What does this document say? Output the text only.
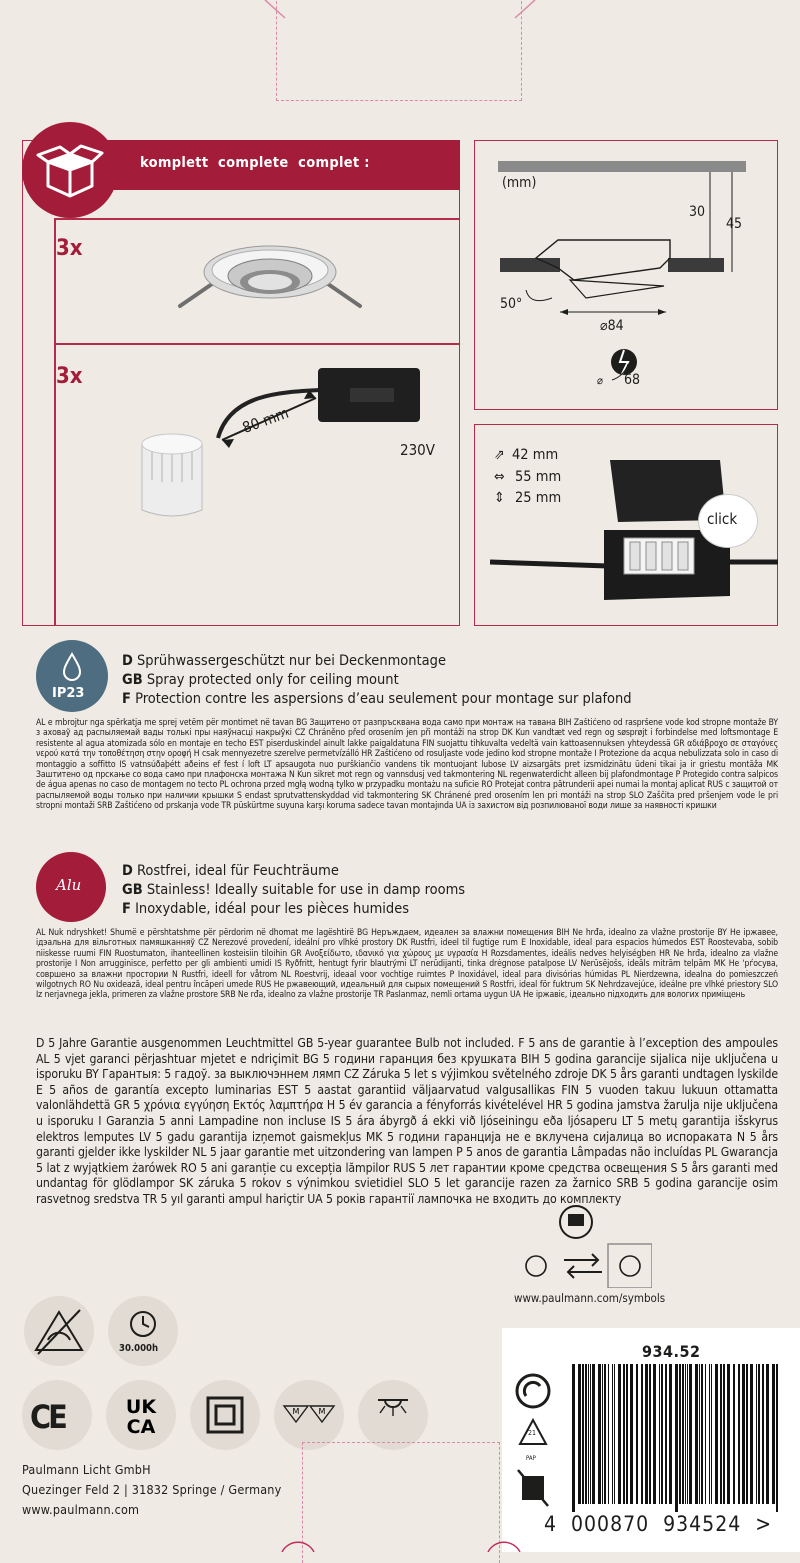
komplett  complete  complet :
3x
3x
80 mm
230V
(mm)
30
45
50°
⌀84
⌀ 68
⇗
⇔
⇕
42 mm
55 mm
25 mm
click
IP23
D Sprühwassergeschützt nur bei Deckenmontage
GB Spray protected only for ceiling mount
F Protection contre les aspersions d’eau seulement pour montage sur plafond
AL e mbrojtur nga spërkatja me sprej vetëm për montimet në tavan BG Защитено от разпръсквана вода само при монтаж на тавана BIH Zaštićeno od raspršene vode kod stropne montaže BY з аховаў ад распыляемай вады толькі пры наяўнасці накрыўкі CZ Chráněno před orosením jen při montáži na strop DK Kun vandtæt ved regn og søsprøjt i forbindelse med loftsmontage E resistente al agua atomizada sólo en montaje en techo EST piserduskindel ainult lakke paigaldatuna FIN suojattu tihkuvalta vedeltä vain kattoasennuksen yhteydessä GR αδιάβροχο σε σταγόνες νερού κατά την τοποθέτηση στην οροφή H csak mennyezetre szerelve permetvízálló HR Zaštićeno od rosuljaste vode jedino kod stropne montaže I Protezione da acqua nebulizzata solo in caso di montaggio a soffitto IS vatnsúðaþétt aðeins ef fest í loft LT apsaugota nuo purškiančio vandens tik montuojant lubose LV aizsargāts pret izsmidzinātu ūdeni tikai ja ir griestu montāža MK Заштитено од прскање со вода само при плафонска монтажа N Kun sikret mot regn og vannsdusj ved takmontering NL regenwaterdicht alleen bij plafondmontage P Protegido contra salpicos de água apenas no caso de montagem no tecto PL ochrona przed mgłą wodną tylko w przypadku montażu na suficie RO Protejat contra pătrunderii apei numai la montaj aplicat RUS с защитой от распыляемой воды только при наличии крышки S endast sprutvattenskyddad vid takmontering SK Chránené pred orosením len pri montáži na strop SLO Zaščita pred pršenjem vode le pri stropni montaži SRB Zaštićeno od prskanja vode TR püskürtme suyuna karşı koruma sadece tavan montajında UA із захистом від розпилюваної води лише за наявності кришки
Alu
D Rostfrei, ideal für Feuchträume
GB Stainless! Ideally suitable for use in damp rooms
F Inoxydable, idéal pour les pièces humides
AL Nuk ndryshket! Shumë e përshtatshme për përdorim në dhomat me lagështirë BG Неръждаем, идеален за влажни помещения BIH Ne hrđa, idealno za vlažne prostorije BY Не іржавее, ідэальна для вільготных памяшканняў CZ Nerezové provedení, ideální pro vlhké prostory DK Rustfri, ideel til fugtige rum E Inoxidable, ideal para espacios húmedos EST Roostevaba, sobib niiskesse ruumi FIN Ruostumaton, ihanteellinen kosteisiin tiloihin GR Ανοξείδωτο, ιδανικό για χώρους με υγρασία H Rozsdamentes, ideális nedves helyiségben HR Ne hrđa, idealno za vlažne prostorije I Non arrugginisce, perfetto per gli ambienti umidi IS Ryðfritt, hentugt fyrir blautrými LT nerūdijanti, tinka drėgnose patalpose LV Nerūsējošs, ideāls mitrām telpām MK Не 'рѓосува, совршено за влажни простории N Rustfri, ideell for våtrom NL Roestvrij, ideaal voor vochtige ruimtes P Inoxidável, ideal para divisórias húmidas PL Nierdzewna, idealna do pomieszczeń wilgotnych RO Nu oxidează, ideal pentru încăperi umede RUS Не ржавеющий, идеальный для сырых помещений S Rostfri, ideal för fuktrum SK Nehrdzavejúce, ideálne pre vlhké priestory SLO Iz nerjavnega jekla, primeren za vlažne prostore SRB Ne rđa, idealno za vlažne prostorije TR Paslanmaz, nemli ortama uygun UA Не іржавіє, ідеально підходить для вологих приміщень
D 5 Jahre Garantie ausgenommen Leuchtmittel GB 5-year guarantee Bulb not included. F 5 ans de garantie à l’exception des ampoules AL 5 vjet garanci përjashtuar mjetet e ndriçimit BG 5 години гаранция без крушката BIH 5 godina garancije sijalica nije uključena u isporuku BY Гарантыя: 5 гадоў. за выключэннем лямп CZ Záruka 5 let s výjimkou světelného zdroje DK 5 års garanti undtagen lyskilde E 5 años de garantía excepto luminarias EST 5 aastat garantiid väljaarvatud valgusallikas FIN 5 vuoden takuu lukuun ottamatta valonlähdettä GR 5 χρόνια εγγύηση Εκτός λαμπτήρα H 5 év garancia a fényforrás kivételével HR 5 godina jamstva žarulja nije uključena u isporuku I Garanzia 5 anni Lampadine non incluse IS 5 ára ábyrgð á ekki við ljóseiningu eða ljósaperu LT 5 metų garantija išskyrus elektros lemputes LV 5 gadu garantija izņemot gaismekļus MK 5 години гаранција не е вклучена сијалица во испораката N 5 års garanti gjelder ikke lyskilder NL 5 jaar garantie met uitzondering van lampen P 5 anos de garantia Lâmpadas não incluídas PL Gwarancja 5 lat z wyjątkiem żarówek RO 5 ani garanție cu excepția lămpilor RUS 5 лет гарантии кроме средства освещения S 5 års garanti med undantag för glödlampor SK záruka 5 rokov s výnimkou svietidiel SLO 5 let garancije razen za žarnico SRB 5 godina garancije osim rasvetnog sredstva TR 5 yıl garanti ampul hariçtir UA 5 років гарантії лампочка не входить до комплекту
www.paulmann.com/symbols
30.000h
CE	UK
CA
M M
Paulmann Licht GmbH
Quezinger Feld 2 | 31832 Springe / Germany
www.paulmann.com
934.52
21
PAP
4  000870  934524  >
